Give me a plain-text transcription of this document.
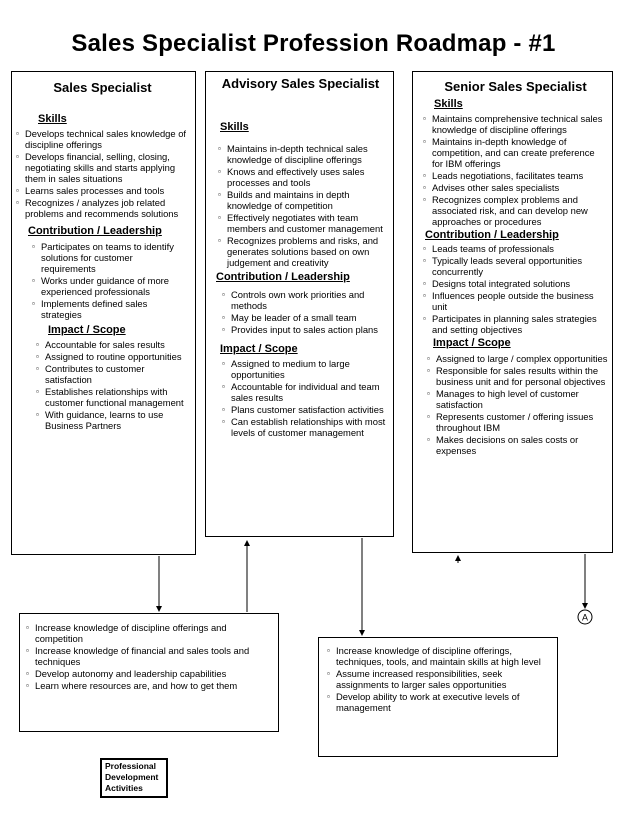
Sales Specialist Profession Roadmap - #1
Sales Specialist
Skills
▫ Develops technical sales knowledge of discipline offerings
▫ Develops financial, selling, closing, negotiating skills and starts applying them in sales situations
▫ Learns sales processes and tools
▫ Recognizes / analyzes job related problems and recommends solutions
Contribution / Leadership
▫ Participates on teams to identify solutions for customer requirements
▫ Works under guidance of more experienced professionals
▫ Implements defined sales strategies
Impact / Scope
▫ Accountable for sales results
▫ Assigned to routine opportunities
▫ Contributes to customer satisfaction
▫ Establishes relationships with customer functional management
▫ With guidance, learns to use Business Partners
Advisory Sales Specialist
Skills
▫ Maintains in-depth technical sales knowledge of discipline offerings
▫ Knows and effectively uses sales processes and tools
▫ Builds and maintains in depth knowledge of competition
▫ Effectively negotiates with team members and customer management
▫ Recognizes problems and risks, and generates solutions based on own judgement and creativity
Contribution / Leadership
▫ Controls own work priorities and methods
▫ May be leader of a small team
▫ Provides input to sales action plans
Impact / Scope
▫ Assigned to medium to large opportunities
▫ Accountable for individual and team sales results
▫ Plans customer satisfaction activities
▫ Can establish relationships with most levels of customer management
Senior Sales Specialist
Skills
▫ Maintains comprehensive technical sales knowledge of discipline offerings
▫ Maintains in-depth knowledge of competition, and can create preference for IBM offerings
▫ Leads negotiations, facilitates teams
▫ Advises other sales specialists
▫ Recognizes complex problems and associated risk, and can develop new approaches or procedures
Contribution / Leadership
▫ Leads teams of professionals
▫ Typically leads several opportunities concurrently
▫ Designs total integrated solutions
▫ Influences people outside the business unit
▫ Participates in planning sales strategies and setting objectives
Impact / Scope
▫ Assigned to large / complex opportunities
▫ Responsible for sales results within the business unit and for personal objectives
▫ Manages to high level of customer satisfaction
▫ Represents customer / offering issues throughout IBM
▫ Makes decisions on sales costs or expenses
▫ Increase knowledge of discipline offerings and competition
▫ Increase knowledge of financial and sales tools and techniques
▫ Develop autonomy and leadership capabilities
▫ Learn where resources are, and how to get them
▫ Increase knowledge of discipline offerings, techniques, tools, and maintain skills at high level
▫ Assume increased responsibilities, seek assignments to larger sales opportunities
▫ Develop ability to work at executive levels of management
Professional Development Activities
A
